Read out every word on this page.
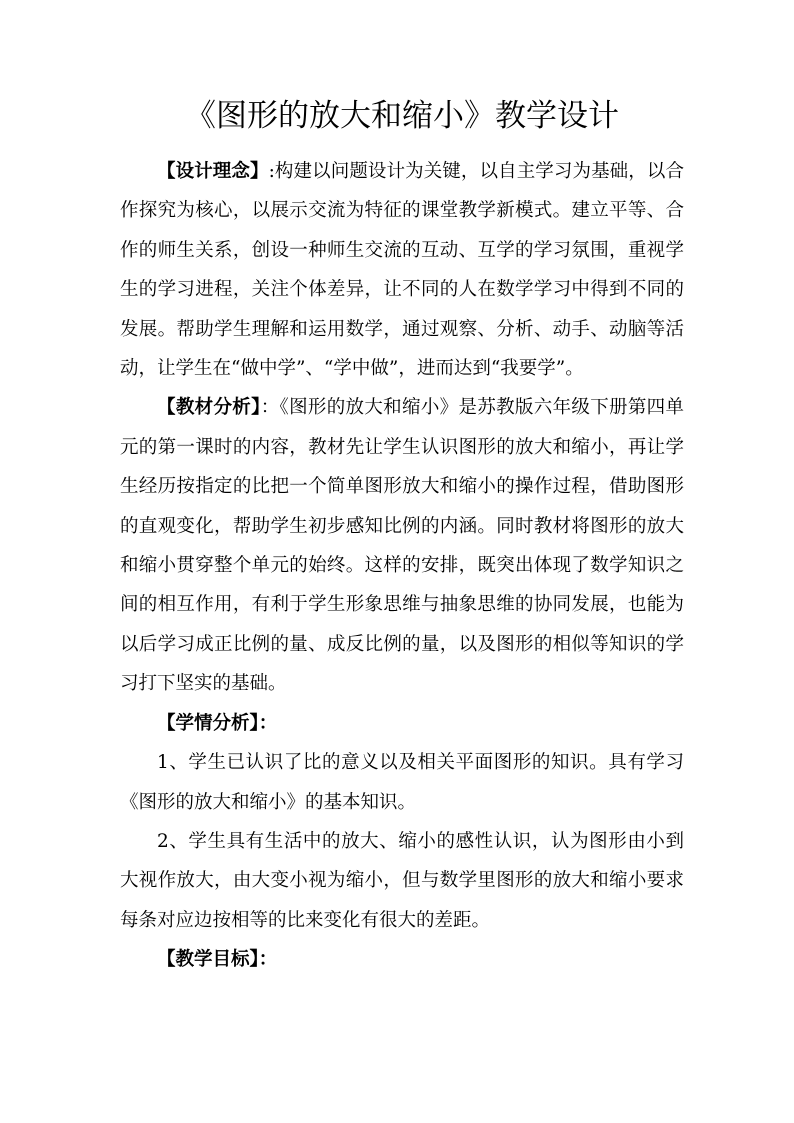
《图形的放大和缩小》教学设计

【设计理念】:构建以问题设计为关键，以自主学习为基础，以合作探究为核心，以展示交流为特征的课堂教学新模式。建立平等、合作的师生关系，创设一种师生交流的互动、互学的学习氛围，重视学生的学习进程，关注个体差异，让不同的人在数学学习中得到不同的发展。帮助学生理解和运用数学，通过观察、分析、动手、动脑等活动，让学生在“做中学”、“学中做”，进而达到“我要学”。

【教材分析】：《图形的放大和缩小》是苏教版六年级下册第四单元的第一课时的内容，教材先让学生认识图形的放大和缩小，再让学生经历按指定的比把一个简单图形放大和缩小的操作过程，借助图形的直观变化，帮助学生初步感知比例的内涵。同时教材将图形的放大和缩小贯穿整个单元的始终。这样的安排，既突出体现了数学知识之间的相互作用，有利于学生形象思维与抽象思维的协同发展，也能为以后学习成正比例的量、成反比例的量，以及图形的相似等知识的学习打下坚实的基础。

【学情分析】：

1、学生已认识了比的意义以及相关平面图形的知识。具有学习《图形的放大和缩小》的基本知识。

2、学生具有生活中的放大、缩小的感性认识，认为图形由小到大视作放大，由大变小视为缩小，但与数学里图形的放大和缩小要求每条对应边按相等的比来变化有很大的差距。

【教学目标】：
